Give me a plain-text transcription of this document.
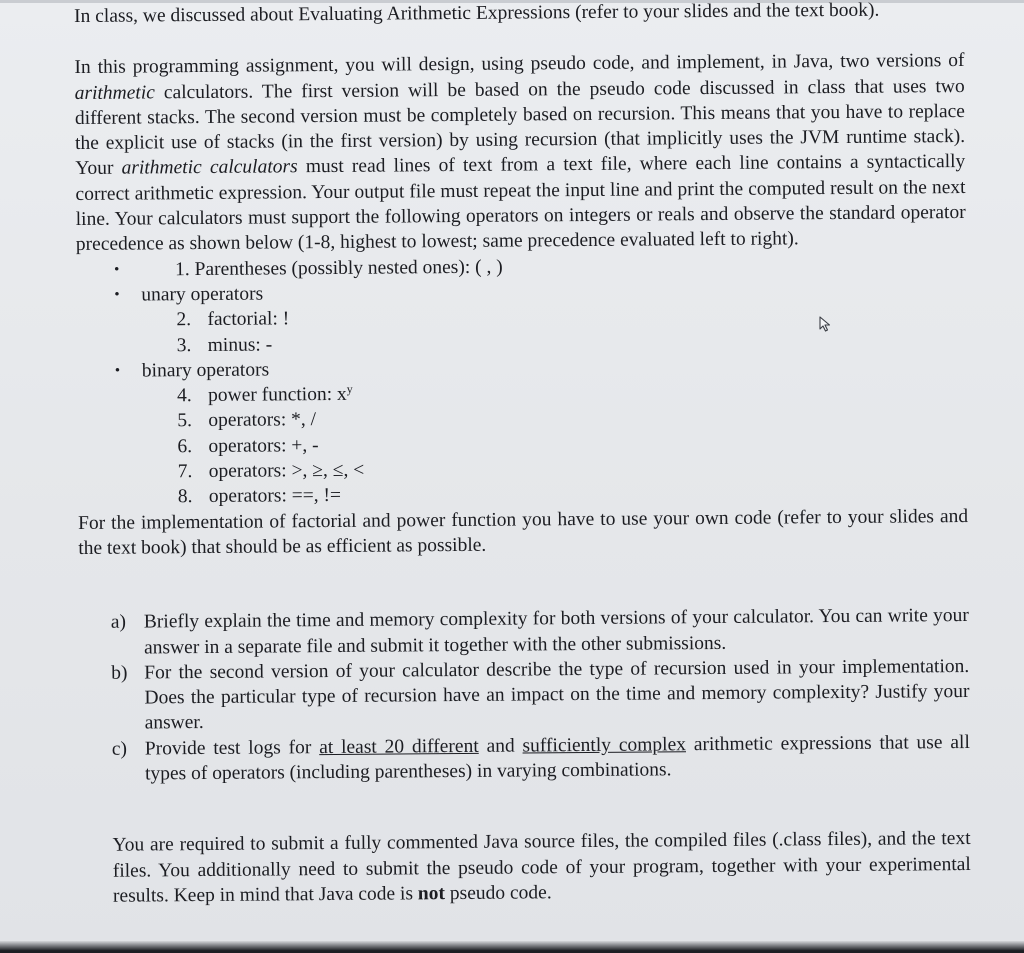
In class, we discussed about Evaluating Arithmetic Expressions (refer to your slides and the text book).

In this programming assignment, you will design, using pseudo code, and implement, in Java, two versions of arithmetic calculators. The first version will be based on the pseudo code discussed in class that uses two different stacks. The second version must be completely based on recursion. This means that you have to replace the explicit use of stacks (in the first version) by using recursion (that implicitly uses the JVM runtime stack). Your arithmetic calculators must read lines of text from a text file, where each line contains a syntactically correct arithmetic expression. Your output file must repeat the input line and print the computed result on the next line. Your calculators must support the following operators on integers or reals and observe the standard operator precedence as shown below (1-8, highest to lowest; same precedence evaluated left to right).

•	1. Parentheses (possibly nested ones): ( , )
• unary operators
2. factorial: !
3. minus: -
• binary operators
4. power function: $x^y$
5. operators: *, /
6. operators: +, -
7. operators: >, ≥, ≤, <
8. operators: ==, !=

For the implementation of factorial and power function you have to use your own code (refer to your slides and the text book) that should be as efficient as possible.

a) Briefly explain the time and memory complexity for both versions of your calculator. You can write your answer in a separate file and submit it together with the other submissions.
b) For the second version of your calculator describe the type of recursion used in your implementation. Does the particular type of recursion have an impact on the time and memory complexity? Justify your answer.
c) Provide test logs for at least 20 different and sufficiently complex arithmetic expressions that use all types of operators (including parentheses) in varying combinations.

You are required to submit a fully commented Java source files, the compiled files (.class files), and the text files. You additionally need to submit the pseudo code of your program, together with your experimental results. Keep in mind that Java code is not pseudo code.
